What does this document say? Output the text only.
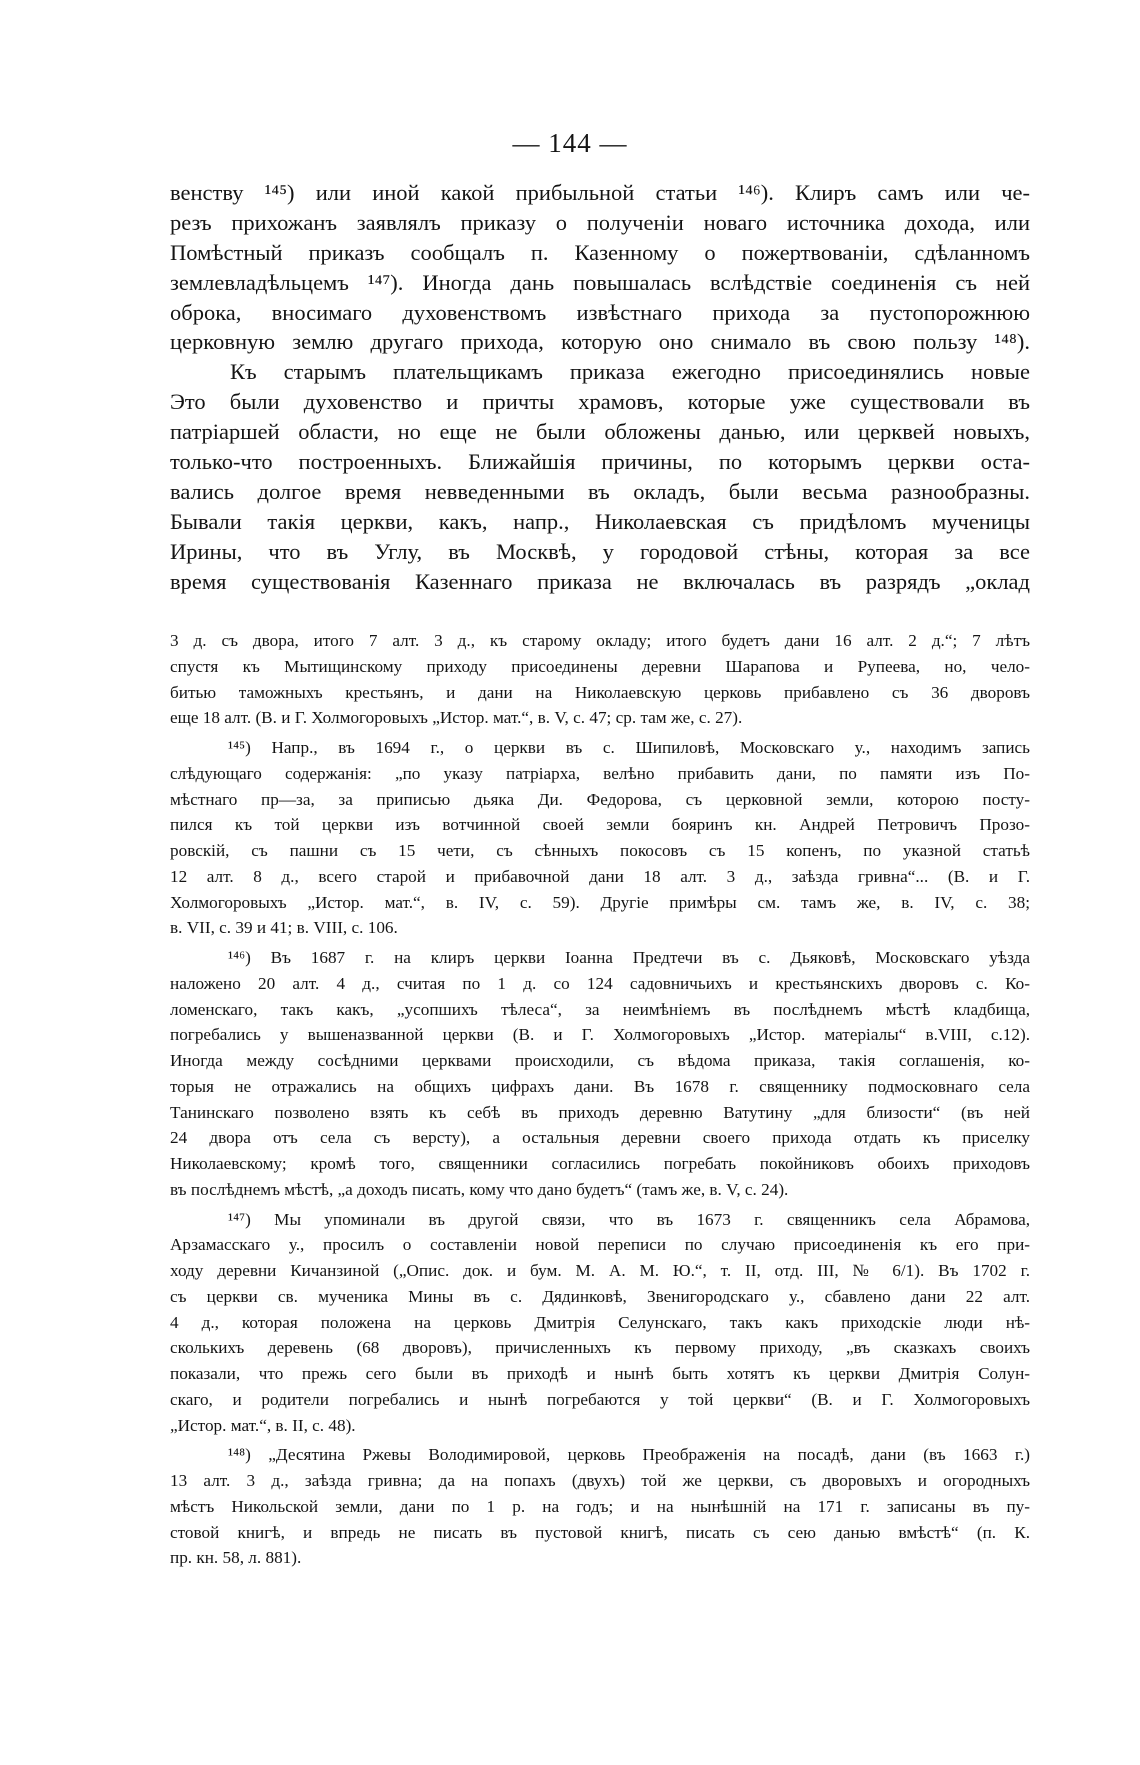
— 144 —
венству ¹⁴⁵) или иной какой прибыльной статьи ¹⁴⁶). Клиръ самъ или че-
резъ прихожанъ заявлялъ приказу о полученіи новаго источника дохода, или
Помѣстный приказъ сообщалъ п. Казенному о пожертвованіи, сдѣланномъ
землевладѣльцемъ ¹⁴⁷). Иногда дань повышалась вслѣдствіе соединенія съ ней
оброка, вносимаго духовенствомъ извѣстнаго прихода за пустопорожнюю
церковную землю другаго прихода, которую оно снимало въ свою пользу ¹⁴⁸).
Къ старымъ плательщикамъ приказа ежегодно присоединялись новые
Это были духовенство и причты храмовъ, которые уже существовали въ
патріаршей области, но еще не были обложены данью, или церквей новыхъ,
только-что построенныхъ. Ближайшія причины, по которымъ церкви оста-
вались долгое время невведенными въ окладъ, были весьма разнообразны.
Бывали такія церкви, какъ, напр., Николаевская съ придѣломъ мученицы
Ирины, что въ Углу, въ Москвѣ, у городовой стѣны, которая за все
время существованія Казеннаго приказа не включалась въ разрядъ „оклад
3 д. съ двора, итого 7 алт. 3 д., къ старому окладу; итого будетъ дани 16 алт. 2 д.“; 7 лѣтъ
спустя къ Мытищинскому приходу присоединены деревни Шарапова и Рупеева, но, чело-
битью таможныхъ крестьянъ, и дани на Николаевскую церковь прибавлено съ 36 дворовъ
еще 18 алт. (В. и Г. Холмогоровыхъ „Истор. мат.“, в. V, с. 47; ср. там же, с. 27).
¹⁴⁵) Напр., въ 1694 г., о церкви въ с. Шипиловѣ, Московскаго у., находимъ запись
слѣдующаго содержанія: „по указу патріарха, велѣно прибавить дани, по памяти изъ По-
мѣстнаго пр—за, за приписью дьяка Ди. Федорова, съ церковной земли, которою посту-
пился къ той церкви изъ вотчинной своей земли бояринъ кн. Андрей Петровичъ Прозо-
ровскій, съ пашни съ 15 чети, съ сѣнныхъ покосовъ съ 15 копенъ, по указной статьѣ
12 алт. 8 д., всего старой и прибавочной дани 18 алт. 3 д., заѣзда гривна“... (В. и Г.
Холмогоровыхъ „Истор. мат.“, в. IV, с. 59). Другіе примѣры см. тамъ же, в. IV, с. 38;
в. VII, с. 39 и 41; в. VIII, с. 106.
¹⁴⁶) Въ 1687 г. на клиръ церкви Іоанна Предтечи въ с. Дьяковѣ, Московскаго уѣзда
наложено 20 алт. 4 д., считая по 1 д. со 124 садовничьихъ и крестьянскихъ дворовъ с. Ко-
ломенскаго, такъ какъ, „усопшихъ тѣлеса“, за неимѣніемъ въ послѣднемъ мѣстѣ кладбища,
погребались у вышеназванной церкви (В. и Г. Холмогоровыхъ „Истор. матеріалы“ в.VIII, с.12).
Иногда между сосѣдними церквами происходили, съ вѣдома приказа, такія соглашенія, ко-
торыя не отражались на общихъ цифрахъ дани. Въ 1678 г. священнику подмосковнаго села
Танинскаго позволено взять къ себѣ въ приходъ деревню Ватутину „для близости“ (въ ней
24 двора отъ села съ версту), а остальныя деревни своего прихода отдать къ приселку
Николаевскому; кромѣ того, священники согласились погребать покойниковъ обоихъ приходовъ
въ послѣднемъ мѣстѣ, „а доходъ писать, кому что дано будетъ“ (тамъ же, в. V, с. 24).
¹⁴⁷) Мы упоминали въ другой связи, что въ 1673 г. священникъ села Абрамова,
Арзамасскаго у., просилъ о составленіи новой переписи по случаю присоединенія къ его при-
ходу деревни Кичанзиной („Опис. док. и бум. М. А. М. Ю.“, т. II, отд. III, № 6/1). Въ 1702 г.
съ церкви св. мученика Мины въ с. Дядинковѣ, Звенигородскаго у., сбавлено дани 22 алт.
4 д., которая положена на церковь Дмитрія Селунскаго, такъ какъ приходскіе люди нѣ-
сколькихъ деревень (68 дворовъ), причисленныхъ къ первому приходу, „въ сказкахъ своихъ
показали, что прежь сего были въ приходѣ и нынѣ быть хотятъ къ церкви Дмитрія Солун-
скаго, и родители погребались и нынѣ погребаются у той церкви“ (В. и Г. Холмогоровыхъ
„Истор. мат.“, в. II, с. 48).
¹⁴⁸) „Десятина Ржевы Володимировой, церковь Преображенія на посадѣ, дани (въ 1663 г.)
13 алт. 3 д., заѣзда гривна; да на попахъ (двухъ) той же церкви, съ дворовыхъ и огородныхъ
мѣстъ Никольской земли, дани по 1 р. на годъ; и на нынѣшній на 171 г. записаны въ пу-
стовой книгѣ, и впредь не писать въ пустовой книгѣ, писать съ сею данью вмѣстѣ“ (п. К.
пр. кн. 58, л. 881).
